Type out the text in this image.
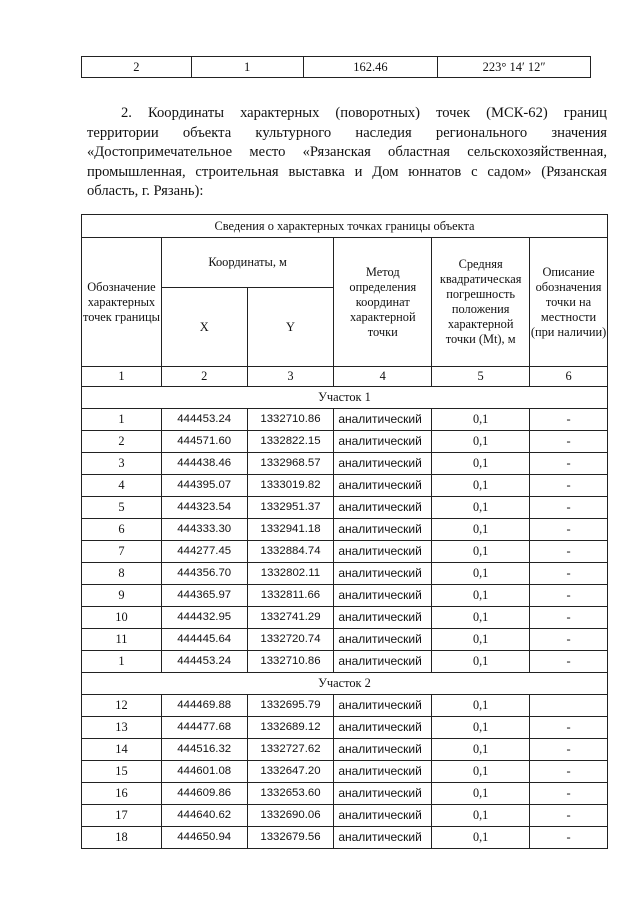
2	1	162.46	223° 14′ 12″

2. Координаты характерных (поворотных) точек (МСК-62) границ территории объекта культурного наследия регионального значения «Достопримечательное место «Рязанская областная сельскохозяйственная, промышленная, строительная выставка и Дом юннатов с садом» (Рязанская область, г. Рязань):

Сведения о характерных точках границы объекта					
Обозначение характерных точек границы	Координаты, м		Метод определения координат характерной точки	Средняя квадратическая погрешность положения характерной точки (Mt), м	Описание обозначения точки на местности (при наличии)
	X	Y			
1	2	3	4	5	6
Участок 1					
1	444453.24	1332710.86	аналитический	0,1	-
2	444571.60	1332822.15	аналитический	0,1	-
3	444438.46	1332968.57	аналитический	0,1	-
4	444395.07	1333019.82	аналитический	0,1	-
5	444323.54	1332951.37	аналитический	0,1	-
6	444333.30	1332941.18	аналитический	0,1	-
7	444277.45	1332884.74	аналитический	0,1	-
8	444356.70	1332802.11	аналитический	0,1	-
9	444365.97	1332811.66	аналитический	0,1	-
10	444432.95	1332741.29	аналитический	0,1	-
11	444445.64	1332720.74	аналитический	0,1	-
1	444453.24	1332710.86	аналитический	0,1	-
Участок 2					
12	444469.88	1332695.79	аналитический	0,1	
13	444477.68	1332689.12	аналитический	0,1	-
14	444516.32	1332727.62	аналитический	0,1	-
15	444601.08	1332647.20	аналитический	0,1	-
16	444609.86	1332653.60	аналитический	0,1	-
17	444640.62	1332690.06	аналитический	0,1	-
18	444650.94	1332679.56	аналитический	0,1	-
